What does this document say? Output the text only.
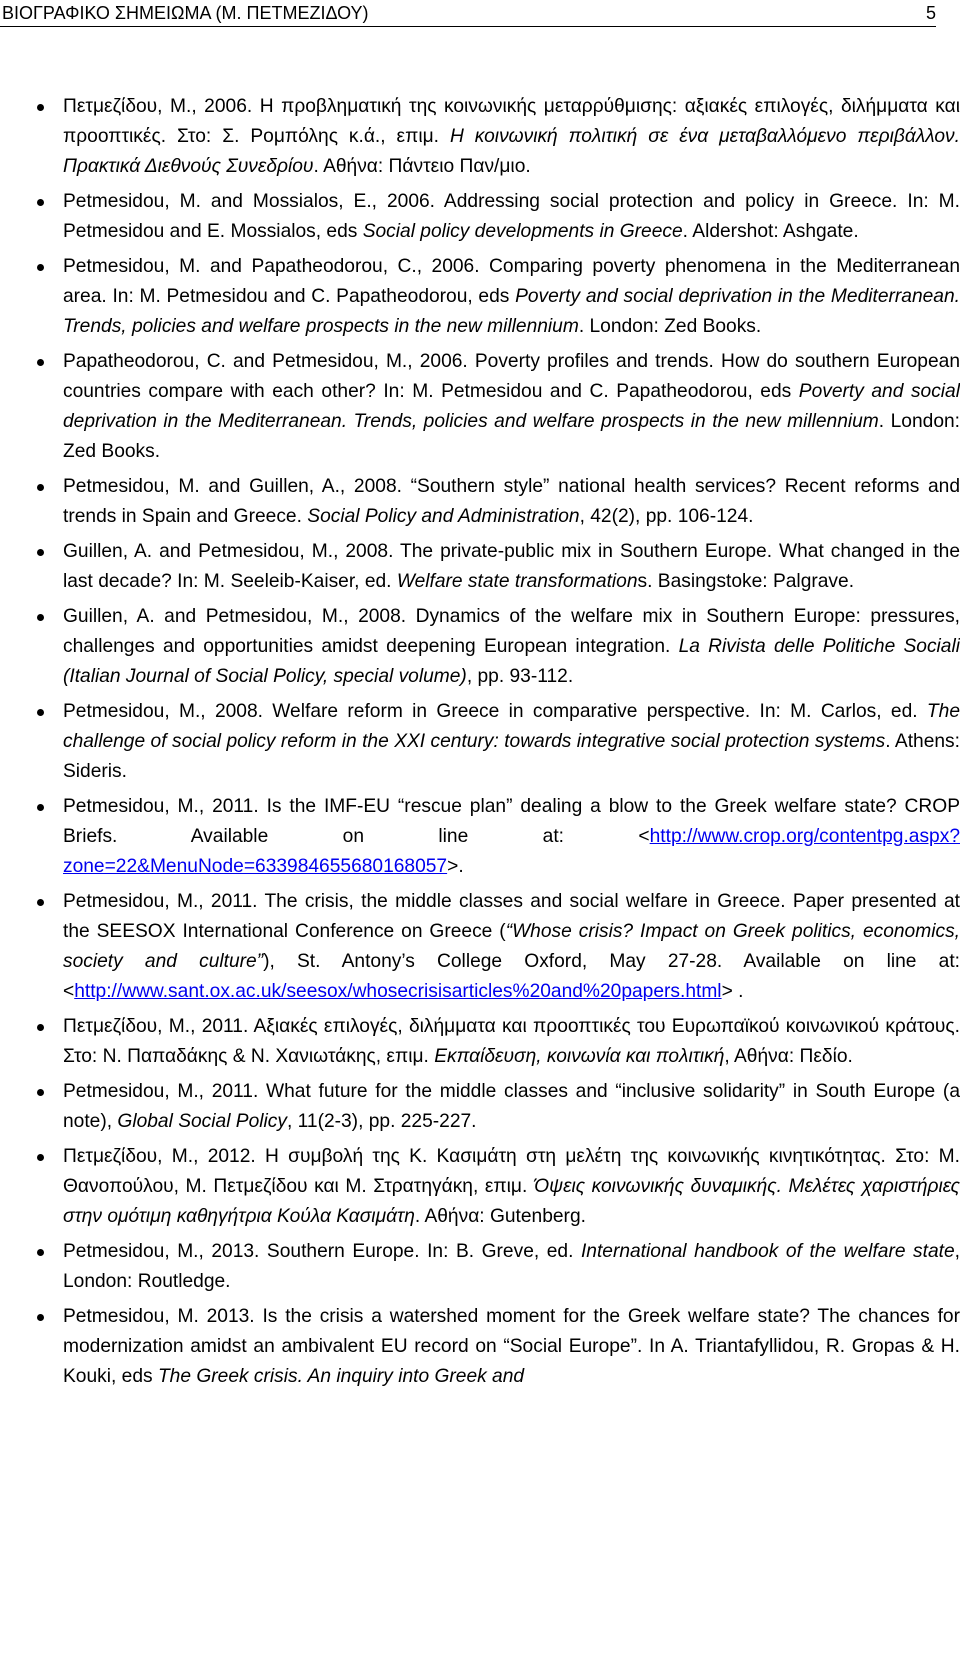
ΒΙΟΓΡΑΦΙΚΟ ΣΗΜΕΙΩΜΑ (Μ. ΠΕΤΜΕΖΙΔΟΥ)	5
Πετμεζίδου, Μ., 2006. Η προβληματική της κοινωνικής μεταρρύθμισης: αξιακές επιλογές, διλήμματα και προοπτικές. Στο: Σ. Ρομπόλης κ.ά., επιμ. Η κοινωνική πολιτική σε ένα μεταβαλλόμενο περιβάλλον. Πρακτικά Διεθνούς Συνεδρίου. Αθήνα: Πάντειο Παν/μιο.
Petmesidou, M. and Mossialos, E., 2006. Addressing social protection and policy in Greece. In: M. Petmesidou and E. Mossialos, eds Social policy developments in Greece. Aldershot: Ashgate.
Petmesidou, M. and Papatheodorou, C., 2006. Comparing poverty phenomena in the Mediterranean area. In: M. Petmesidou and C. Papatheodorou, eds Poverty and social deprivation in the Mediterranean. Trends, policies and welfare prospects in the new millennium. London: Zed Books.
Papatheodorou, C. and Petmesidou, M., 2006. Poverty profiles and trends. How do southern European countries compare with each other? In: M. Petmesidou and C. Papatheodorou, eds Poverty and social deprivation in the Mediterranean. Trends, policies and welfare prospects in the new millennium. London: Zed Books.
Petmesidou, M. and Guillen, A., 2008. “Southern style” national health services? Recent reforms and trends in Spain and Greece. Social Policy and Administration, 42(2), pp. 106-124.
Guillen, A. and Petmesidou, M., 2008. The private-public mix in Southern Europe. What changed in the last decade? In: M. Seeleib-Kaiser, ed. Welfare state transformations. Basingstoke: Palgrave.
Guillen, A. and Petmesidou, M., 2008. Dynamics of the welfare mix in Southern Europe: pressures, challenges and opportunities amidst deepening European integration. La Rivista delle Politiche Sociali (Italian Journal of Social Policy, special volume), pp. 93-112.
Petmesidou, M., 2008. Welfare reform in Greece in comparative perspective. In: M. Carlos, ed. The challenge of social policy reform in the XXI century: towards integrative social protection systems. Athens: Sideris.
Petmesidou, M., 2011. Is the IMF-EU “rescue plan” dealing a blow to the Greek welfare state? CROP Briefs. Available on line at: <http://www.crop.org/contentpg.aspx?zone=22&MenuNode=633984655680168057>.
Petmesidou, M., 2011. The crisis, the middle classes and social welfare in Greece. Paper presented at the SEESOX International Conference on Greece (“Whose crisis? Impact on Greek politics, economics, society and culture”), St. Antony’s College Oxford, May 27-28. Available on line at: <http://www.sant.ox.ac.uk/seesox/whosecrisisarticles%20and%20papers.html> .
Πετμεζίδου, Μ., 2011. Αξιακές επιλογές, διλήμματα και προοπτικές του Ευρωπαϊκού κοινωνικού κράτους. Στο: Ν. Παπαδάκης & Ν. Χανιωτάκης, επιμ. Εκπαίδευση, κοινωνία και πολιτική, Αθήνα: Πεδίο.
Petmesidou, M., 2011. What future for the middle classes and “inclusive solidarity” in South Europe (a note), Global Social Policy, 11(2-3), pp. 225-227.
Πετμεζίδου, Μ., 2012. Η συμβολή της Κ. Κασιμάτη στη μελέτη της κοινωνικής κινητικότητας. Στο: Μ. Θανοπούλου, Μ. Πετμεζίδου και Μ. Στρατηγάκη, επιμ. Όψεις κοινωνικής δυναμικής. Μελέτες χαριστήριες στην ομότιμη καθηγήτρια Κούλα Κασιμάτη. Αθήνα: Gutenberg.
Petmesidou, M., 2013. Southern Europe. In: B. Greve, ed. International handbook of the welfare state, London: Routledge.
Petmesidou, M. 2013. Is the crisis a watershed moment for the Greek welfare state? The chances for modernization amidst an ambivalent EU record on “Social Europe”. In A. Triantafyllidou, R. Gropas & H. Kouki, eds The Greek crisis. An inquiry into Greek and
